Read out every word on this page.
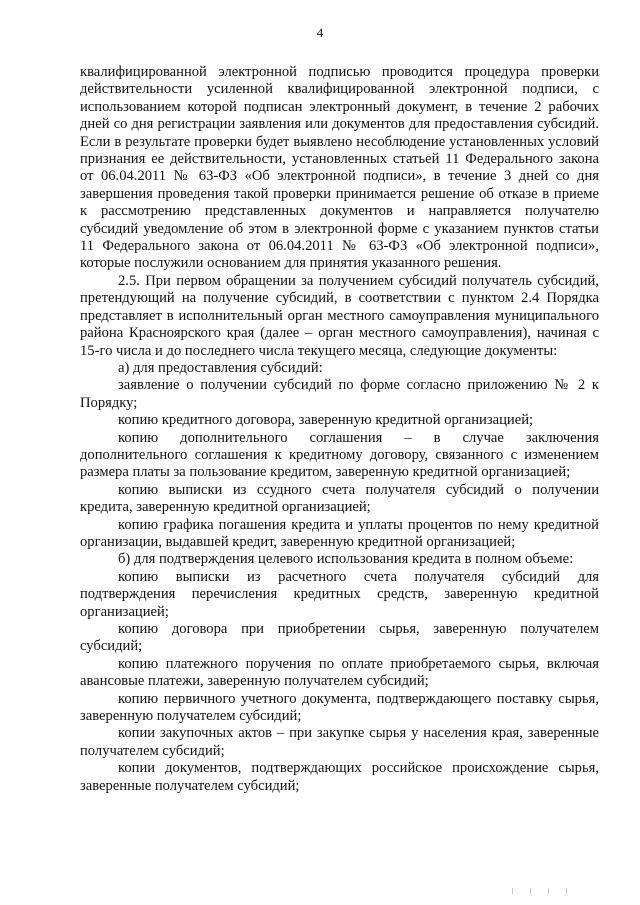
4

квалифицированной электронной подписью проводится процедура проверки действительности усиленной квалифицированной электронной подписи, с использованием которой подписан электронный документ, в течение 2 рабочих дней со дня регистрации заявления или документов для предоставления субсидий. Если в результате проверки будет выявлено несоблюдение установленных условий признания ее действительности, установленных статьей 11 Федерального закона от 06.04.2011 № 63-ФЗ «Об электронной подписи», в течение 3 дней со дня завершения проведения такой проверки принимается решение об отказе в приеме к рассмотрению представленных документов и направляется получателю субсидий уведомление об этом в электронной форме с указанием пунктов статьи 11 Федерального закона от 06.04.2011 № 63-ФЗ «Об электронной подписи», которые послужили основанием для принятия указанного решения.

2.5. При первом обращении за получением субсидий получатель субсидий, претендующий на получение субсидий, в соответствии с пунктом 2.4 Порядка представляет в исполнительный орган местного самоуправления муниципального района Красноярского края (далее – орган местного самоуправления), начиная с 15-го числа и до последнего числа текущего месяца, следующие документы:

а) для предоставления субсидий:

заявление о получении субсидий по форме согласно приложению № 2 к Порядку;

копию кредитного договора, заверенную кредитной организацией;

копию дополнительного соглашения – в случае заключения дополнительного соглашения к кредитному договору, связанного с изменением размера платы за пользование кредитом, заверенную кредитной организацией;

копию выписки из ссудного счета получателя субсидий о получении кредита, заверенную кредитной организацией;

копию графика погашения кредита и уплаты процентов по нему кредитной организации, выдавшей кредит, заверенную кредитной организацией;

б) для подтверждения целевого использования кредита в полном объеме:

копию выписки из расчетного счета получателя субсидий для подтверждения перечисления кредитных средств, заверенную кредитной организацией;

копию договора при приобретении сырья, заверенную получателем субсидий;

копию платежного поручения по оплате приобретаемого сырья, включая авансовые платежи, заверенную получателем субсидий;

копию первичного учетного документа, подтверждающего поставку сырья, заверенную получателем субсидий;

копии закупочных актов – при закупке сырья у населения края, заверенные получателем субсидий;

копии документов, подтверждающих российское происхождение сырья, заверенные получателем субсидий;
